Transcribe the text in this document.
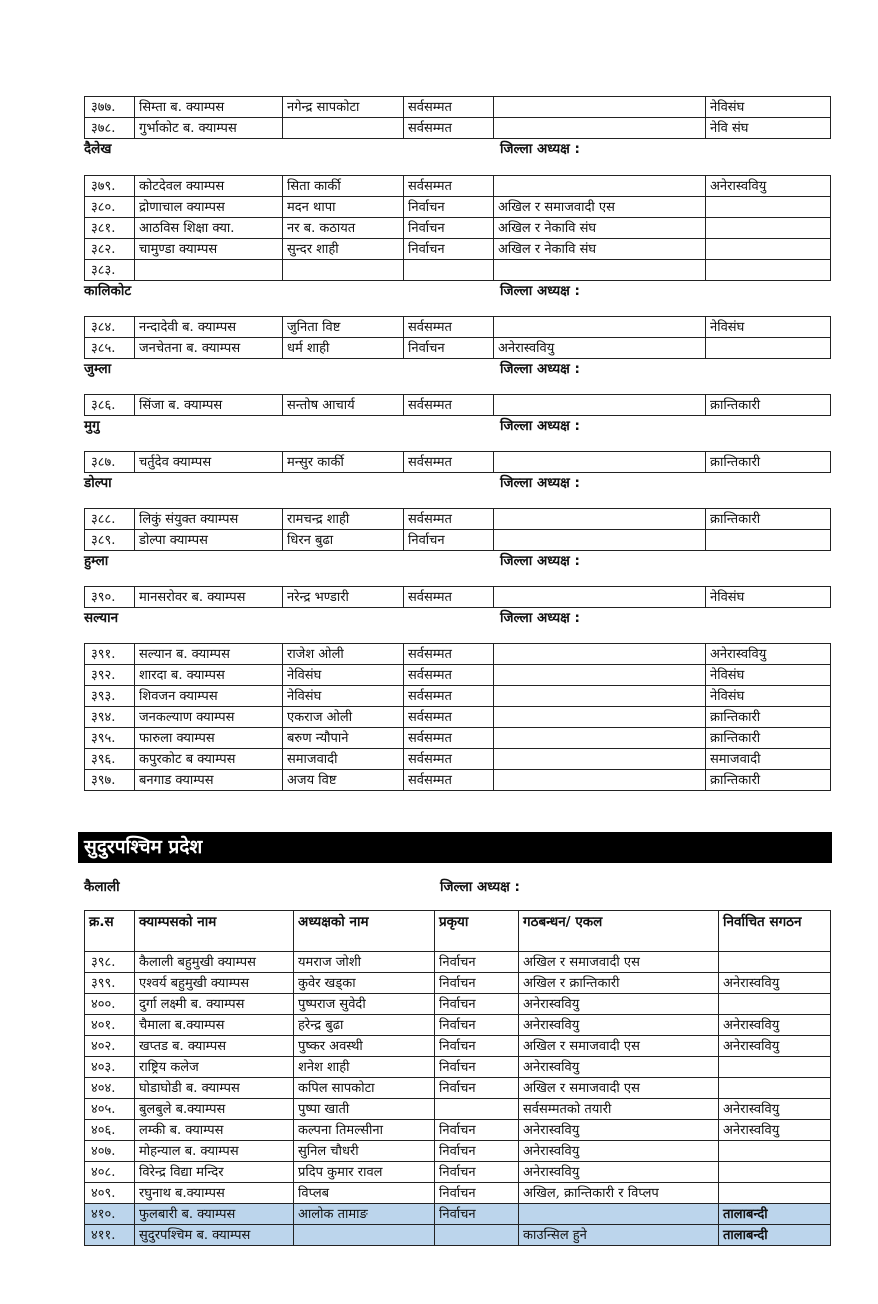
३७७.	सिम्ता ब. क्याम्पस	नगेन्द्र सापकोटा	सर्वसम्मत		नेविसंघ
३७८.	गुर्भाकोट ब. क्याम्पस		सर्वसम्मत		नेवि संघ
दैलेख	जिल्ला अध्यक्ष :
३७९.	कोटदेवल क्याम्पस	सिता कार्की	सर्वसम्मत		अनेरास्ववियु
३८०.	द्रोणाचाल क्याम्पस	मदन थापा	निर्वाचन	अखिल र समाजवादी एस	
३८१.	आठविस शिक्षा क्या.	नर ब. कठायत	निर्वाचन	अखिल र नेकावि संघ	
३८२.	चामुण्डा क्याम्पस	सुन्दर शाही	निर्वाचन	अखिल र नेकावि संघ	
३८३.					
कालिकोट	जिल्ला अध्यक्ष :
३८४.	नन्दादेवी ब. क्याम्पस	जुनिता विष्ट	सर्वसम्मत		नेविसंघ
३८५.	जनचेतना ब. क्याम्पस	धर्म शाही	निर्वाचन	अनेरास्ववियु	
जुम्ला	जिल्ला अध्यक्ष :
३८६.	सिंजा ब. क्याम्पस	सन्तोष आचार्य	सर्वसम्मत		क्रान्तिकारी
मुगु	जिल्ला अध्यक्ष :
३८७.	चर्तुदेव क्याम्पस	मन्सुर कार्की	सर्वसम्मत		क्रान्तिकारी
डोल्पा	जिल्ला अध्यक्ष :
३८८.	लिकुं संयुक्त क्याम्पस	रामचन्द्र शाही	सर्वसम्मत		क्रान्तिकारी
३८९.	डोल्पा क्याम्पस	धिरन बुढा	निर्वाचन		
हुम्ला	जिल्ला अध्यक्ष :
३९०.	मानसरोवर ब. क्याम्पस	नरेन्द्र भण्डारी	सर्वसम्मत		नेविसंघ
सल्यान	जिल्ला अध्यक्ष :
३९१.	सल्यान ब. क्याम्पस	राजेश ओली	सर्वसम्मत		अनेरास्ववियु
३९२.	शारदा ब. क्याम्पस	नेविसंघ	सर्वसम्मत		नेविसंघ
३९३.	शिवजन क्याम्पस	नेविसंघ	सर्वसम्मत		नेविसंघ
३९४.	जनकल्याण क्याम्पस	एकराज ओली	सर्वसम्मत		क्रान्तिकारी
३९५.	फारुला क्याम्पस	बरुण न्यौपाने	सर्वसम्मत		क्रान्तिकारी
३९६.	कपुरकोट ब क्याम्पस	समाजवादी	सर्वसम्मत		समाजवादी
३९७.	बनगाड क्याम्पस	अजय विष्ट	सर्वसम्मत		क्रान्तिकारी
सुदुरपश्चिम प्रदेश
कैलाली	जिल्ला अध्यक्ष :
क्र.स	क्याम्पसको नाम	अध्यक्षको नाम	प्रकृया	गठबन्धन/ एकल	निर्वाचित सगठन
३९८.	कैलाली बहुमुखी क्याम्पस	यमराज जोशी	निर्वाचन	अखिल र समाजवादी एस	
३९९.	एश्वर्य बहुमुखी क्याम्पस	कुवेर खड्का	निर्वाचन	अखिल र क्रान्तिकारी	अनेरास्ववियु
४००.	दुर्गा लक्ष्मी ब. क्याम्पस	पुष्पराज सुवेदी	निर्वाचन	अनेरास्ववियु	
४०१.	चैमाला ब.क्याम्पस	हरेन्द्र बुढा	निर्वाचन	अनेरास्ववियु	अनेरास्ववियु
४०२.	खप्तड ब. क्याम्पस	पुष्कर अवस्थी	निर्वाचन	अखिल र समाजवादी एस	अनेरास्ववियु
४०३.	राष्ट्रिय कलेज	शनेश शाही	निर्वाचन	अनेरास्ववियु	
४०४.	घोडाघोडी ब. क्याम्पस	कपिल सापकोटा	निर्वाचन	अखिल र समाजवादी एस	
४०५.	बुलबुले ब.क्याम्पस	पुष्पा खाती		सर्वसम्मतको तयारी	अनेरास्ववियु
४०६.	लम्की ब. क्याम्पस	कल्पना तिमल्सीना	निर्वाचन	अनेरास्ववियु	अनेरास्ववियु
४०७.	मोहन्याल ब. क्याम्पस	सुनिल चौधरी	निर्वाचन	अनेरास्ववियु	
४०८.	विरेन्द्र विद्या मन्दिर	प्रदिप कुमार रावल	निर्वाचन	अनेरास्ववियु	
४०९.	रघुनाथ ब.क्याम्पस	विप्लब	निर्वाचन	अखिल, क्रान्तिकारी र विप्लप	
४१०.	फुलबारी ब. क्याम्पस	आलोक तामाङ	निर्वाचन		तालाबन्दी
४११.	सुदुरपश्चिम ब. क्याम्पस			काउन्सिल हुने	तालाबन्दी
